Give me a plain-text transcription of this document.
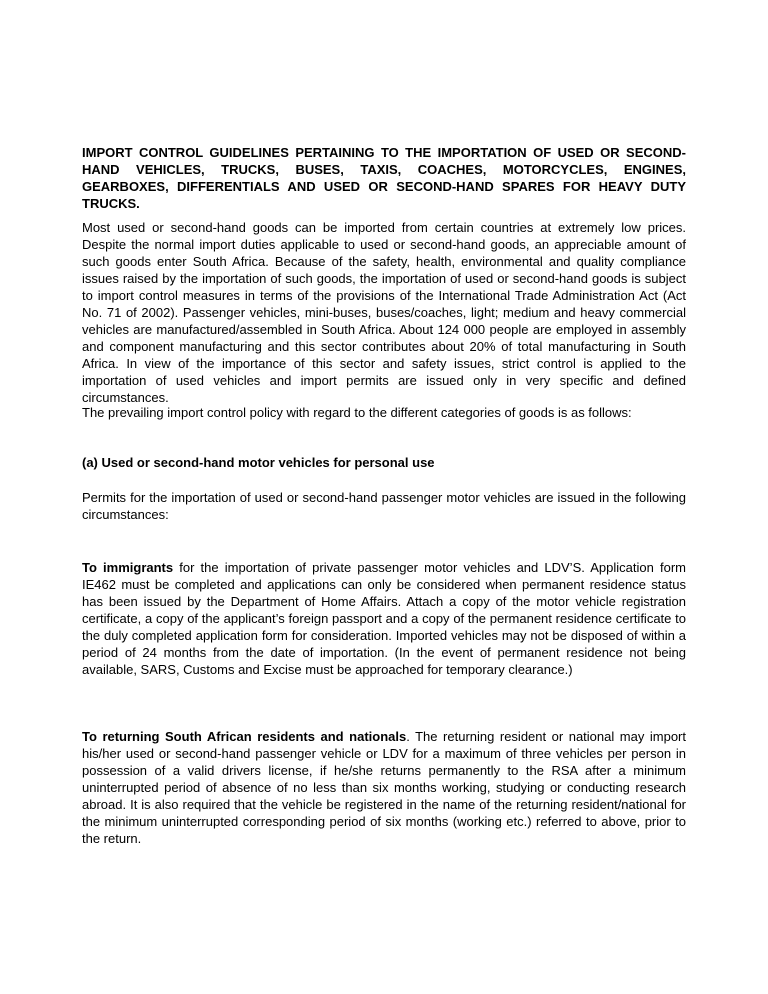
IMPORT CONTROL GUIDELINES PERTAINING TO THE IMPORTATION OF USED OR SECOND-HAND VEHICLES, TRUCKS, BUSES, TAXIS, COACHES, MOTORCYCLES, ENGINES, GEARBOXES, DIFFERENTIALS AND USED OR SECOND-HAND SPARES FOR HEAVY DUTY TRUCKS.

Most used or second-hand goods can be imported from certain countries at extremely low prices. Despite the normal import duties applicable to used or second-hand goods, an appreciable amount of such goods enter South Africa. Because of the safety, health, environmental and quality compliance issues raised by the importation of such goods, the importation of used or second-hand goods is subject to import control measures in terms of the provisions of the International Trade Administration Act (Act No. 71 of 2002). Passenger vehicles, mini-buses, buses/coaches, light; medium and heavy commercial vehicles are manufactured/assembled in South Africa. About 124 000 people are employed in assembly and component manufacturing and this sector contributes about 20% of total manufacturing in South Africa. In view of the importance of this sector and safety issues, strict control is applied to the importation of used vehicles and import permits are issued only in very specific and defined circumstances.

The prevailing import control policy with regard to the different categories of goods is as follows:

(a) Used or second-hand motor vehicles for personal use

Permits for the importation of used or second-hand passenger motor vehicles are issued in the following circumstances:

To immigrants for the importation of private passenger motor vehicles and LDV’S. Application form IE462 must be completed and applications can only be considered when permanent residence status has been issued by the Department of Home Affairs. Attach a copy of the motor vehicle registration certificate, a copy of the applicant’s foreign passport and a copy of the permanent residence certificate to the duly completed application form for consideration. Imported vehicles may not be disposed of within a period of 24 months from the date of importation. (In the event of permanent residence not being available, SARS, Customs and Excise must be approached for temporary clearance.)

To returning South African residents and nationals. The returning resident or national may import his/her used or second-hand passenger vehicle or LDV for a maximum of three vehicles per person in possession of a valid drivers license, if he/she returns permanently to the RSA after a minimum uninterrupted period of absence of no less than six months working, studying or conducting research abroad. It is also required that the vehicle be registered in the name of the returning resident/national for the minimum uninterrupted corresponding period of six months (working etc.) referred to above, prior to the return.
